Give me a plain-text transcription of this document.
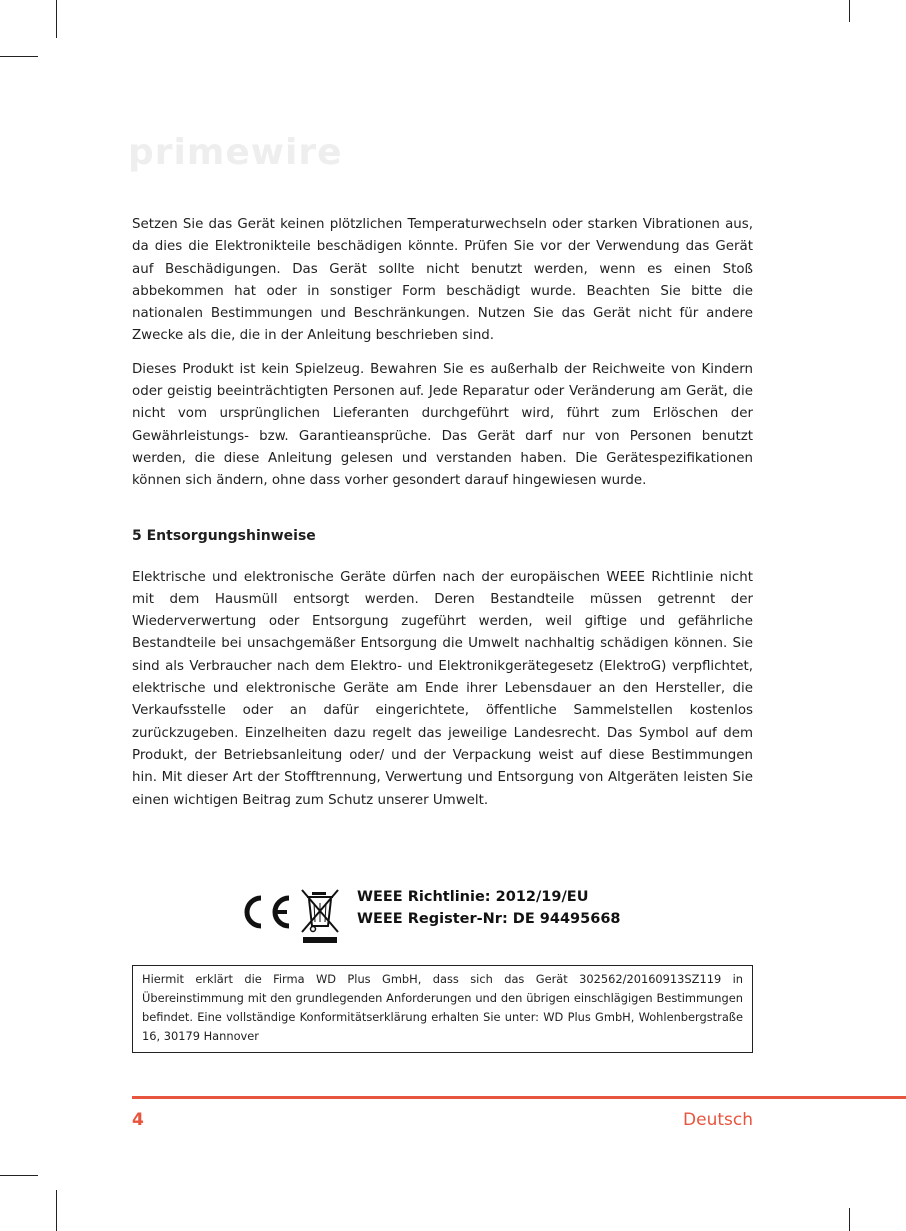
primewire

Setzen Sie das Gerät keinen plötzlichen Temperaturwechseln oder starken Vibrationen aus, da dies die Elektronikteile beschädigen könnte. Prüfen Sie vor der Verwendung das Gerät auf Beschädigungen. Das Gerät sollte nicht benutzt werden, wenn es einen Stoß abbekommen hat oder in sonstiger Form beschädigt wurde. Beachten Sie bitte die nationalen Bestimmungen und Beschränkungen. Nutzen Sie das Gerät nicht für andere Zwecke als die, die in der Anleitung beschrieben sind.

Dieses Produkt ist kein Spielzeug. Bewahren Sie es außerhalb der Reichweite von Kindern oder geistig beeinträchtigten Personen auf. Jede Reparatur oder Veränderung am Gerät, die nicht vom ursprünglichen Lieferanten durchgeführt wird, führt zum Erlöschen der Gewährleistungs- bzw. Garantieansprüche. Das Gerät darf nur von Personen benutzt werden, die diese Anleitung gelesen und verstanden haben. Die Gerätespezifikationen können sich ändern, ohne dass vorher gesondert darauf hingewiesen wurde.

5 Entsorgungshinweise

Elektrische und elektronische Geräte dürfen nach der europäischen WEEE Richtlinie nicht mit dem Hausmüll entsorgt werden. Deren Bestandteile müssen getrennt der Wiederverwertung oder Entsorgung zugeführt werden, weil giftige und gefährliche Bestandteile bei unsachgemäßer Entsorgung die Umwelt nachhaltig schädigen können. Sie sind als Verbraucher nach dem Elektro- und Elektronikgerätegesetz (ElektroG) verpflichtet, elektrische und elektronische Geräte am Ende ihrer Lebensdauer an den Hersteller, die Verkaufsstelle oder an dafür eingerichtete, öffentliche Sammelstellen kostenlos zurückzugeben. Einzelheiten dazu regelt das jeweilige Landesrecht. Das Symbol auf dem Produkt, der Betriebsanleitung oder/ und der Verpackung weist auf diese Bestimmungen hin. Mit dieser Art der Stofftrennung, Verwertung und Entsorgung von Altgeräten leisten Sie einen wichtigen Beitrag zum Schutz unserer Umwelt.

WEEE Richtlinie: 2012/19/EU
WEEE Register-Nr: DE 94495668
Hiermit erklärt die Firma WD Plus GmbH, dass sich das Gerät 302562/20160913SZ119 in Übereinstimmung mit den grundlegenden Anforderungen und den übrigen einschlägigen Bestimmungen befindet. Eine vollständige Konformitätserklärung erhalten Sie unter: WD Plus GmbH, Wohlenbergstraße 16, 30179 Hannover
4	Deutsch
